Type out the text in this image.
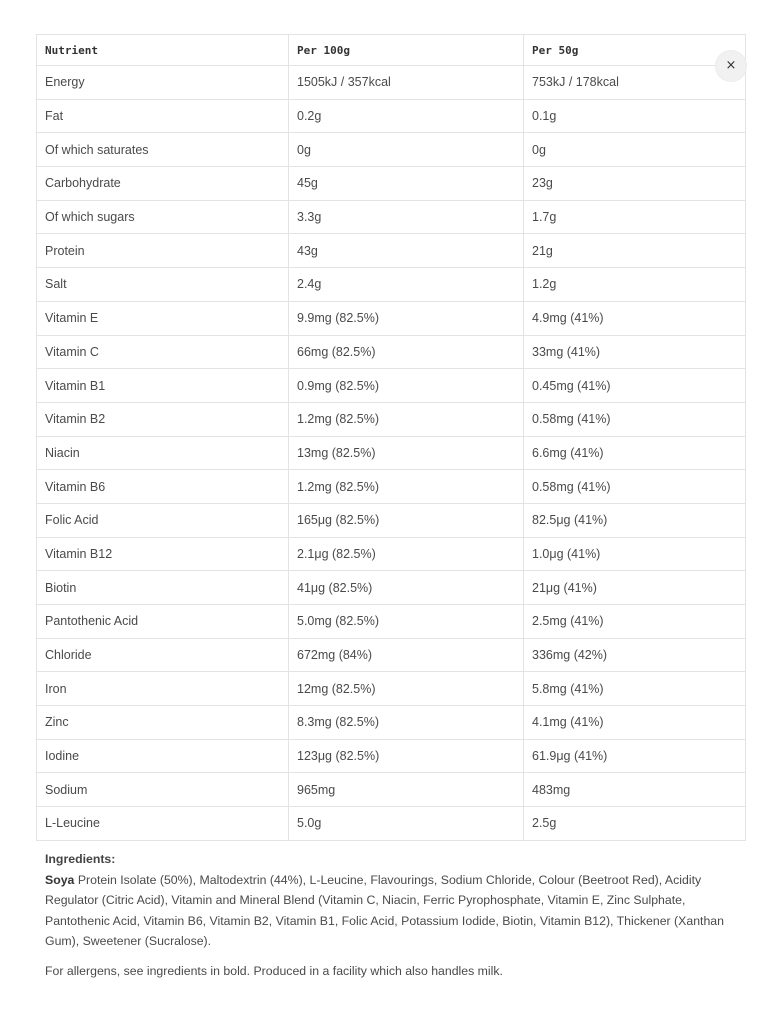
Nutrient	Per 100g	Per 50g
Energy	1505kJ / 357kcal	753kJ / 178kcal
Fat	0.2g	0.1g
Of which saturates	0g	0g
Carbohydrate	45g	23g
Of which sugars	3.3g	1.7g
Protein	43g	21g
Salt	2.4g	1.2g
Vitamin E	9.9mg (82.5%)	4.9mg (41%)
Vitamin C	66mg (82.5%)	33mg (41%)
Vitamin B1	0.9mg (82.5%)	0.45mg (41%)
Vitamin B2	1.2mg (82.5%)	0.58mg (41%)
Niacin	13mg (82.5%)	6.6mg (41%)
Vitamin B6	1.2mg (82.5%)	0.58mg (41%)
Folic Acid	165μg (82.5%)	82.5μg (41%)
Vitamin B12	2.1μg (82.5%)	1.0μg (41%)
Biotin	41μg (82.5%)	21μg (41%)
Pantothenic Acid	5.0mg (82.5%)	2.5mg (41%)
Chloride	672mg (84%)	336mg (42%)
Iron	12mg (82.5%)	5.8mg (41%)
Zinc	8.3mg (82.5%)	4.1mg (41%)
Iodine	123μg (82.5%)	61.9μg (41%)
Sodium	965mg	483mg
L-Leucine	5.0g	2.5g
×

Ingredients:

Soya Protein Isolate (50%), Maltodextrin (44%), L-Leucine, Flavourings, Sodium Chloride, Colour (Beetroot Red), Acidity Regulator (Citric Acid), Vitamin and Mineral Blend (Vitamin C, Niacin, Ferric Pyrophosphate, Vitamin E, Zinc Sulphate, Pantothenic Acid, Vitamin B6, Vitamin B2, Vitamin B1, Folic Acid, Potassium Iodide, Biotin, Vitamin B12), Thickener (Xanthan Gum), Sweetener (Sucralose).

For allergens, see ingredients in bold. Produced in a facility which also handles milk.
